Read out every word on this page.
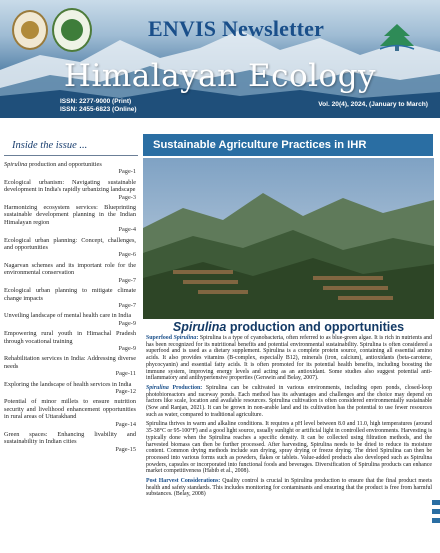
ENVIS Newsletter
Himalayan Ecology
ISSN: 2277-9000 (Print)
ISSN: 2455-6823 (Online)
Vol. 20(4), 2024, (January to March)
Inside the issue ...
Spirulina production and opportunities
Page-1
Ecological urbanism: Navigating sustainable development in India's rapidly urbanizing landscape
Page-3
Harmonizing ecosystem services: Blueprinting sustainable development planning in the Indian Himalayan region
Page-4
Ecological urban planning: Concept, challenges, and opportunities
Page-6
Nagarvan schemes and its important role for the environmental conservation
Page-7
Ecological urban planning to mitigate climate change impacts
Page-7
Unveiling landscape of mental health care in India
Page-9
Empowering rural youth in Himachal Pradesh through vocational training
Page-9
Rehabilitation services in India: Addressing diverse needs
Page-11
Exploring the landscape of health services in India
Page-12
Potential of minor millets to ensure nutrition security and livelihood enhancement opportunities in rural areas of Uttarakhand
Page-14
Green spaces: Enhancing livability and sustainability in Indian cities
Page-15
Sustainable Agriculture Practices in IHR
Spirulina production and opportunities

Superfood Spirulina: Spirulina is a type of cyanobacteria, often referred to as blue-green algae. It is rich in nutrients and has been recognized for its nutritional benefits and potential environmental sustainability. Spirulina is often considered a superfood and is used as a dietary supplement. Spirulina is a complete protein source, containing all essential amino acids. It also provides vitamins (B-complex, especially B12), minerals (iron, calcium), antioxidants (beta-carotene, phycocyanin) and essential fatty acids. It is often promoted for its potential health benefits, including boosting the immune system, improving energy levels and acting as an antioxidant. Some studies also suggest potential anti-inflammatory and antihypertensive properties (Gerswin and Belay, 2007).

Spirulina Production: Spirulina can be cultivated in various environments, including open ponds, closed-loop photobioreactors and raceway ponds. Each method has its advantages and challenges and the choice may depend on factors like scale, location and available resources. Spirulina cultivation is often considered environmentally sustainable (Sow and Ranjan, 2021). It can be grown in non-arable land and its cultivation has the potential to use fewer resources such as water, compared to traditional agriculture.

Spirulina thrives in warm and alkaline conditions. It requires a pH level between 8.0 and 11.0, high temperatures (around 35-38°C or 95-100°F) and a good light source, usually sunlight or artificial light in controlled environments. Harvesting is typically done when the Spirulina reaches a specific density. It can be collected using filtration methods, and the harvested biomass can then be further processed. After harvesting, Spirulina needs to be dried to reduce its moisture content. Common drying methods include sun drying, spray drying or freeze drying. The dried Spirulina can then be processed into various forms such as powders, flakes or tablets. Value-added products also developed such as Spirulina powders, capsules or incorporated into functional foods and beverages. Diversification of Spirulina products can enhance market competitiveness (Habib et al., 2008).

Post Harvest Considerations: Quality control is crucial in Spirulina production to ensure that the final product meets health and safety standards. This includes monitoring for contaminants and ensuring that the product is free from harmful substances. (Belay, 2008)
